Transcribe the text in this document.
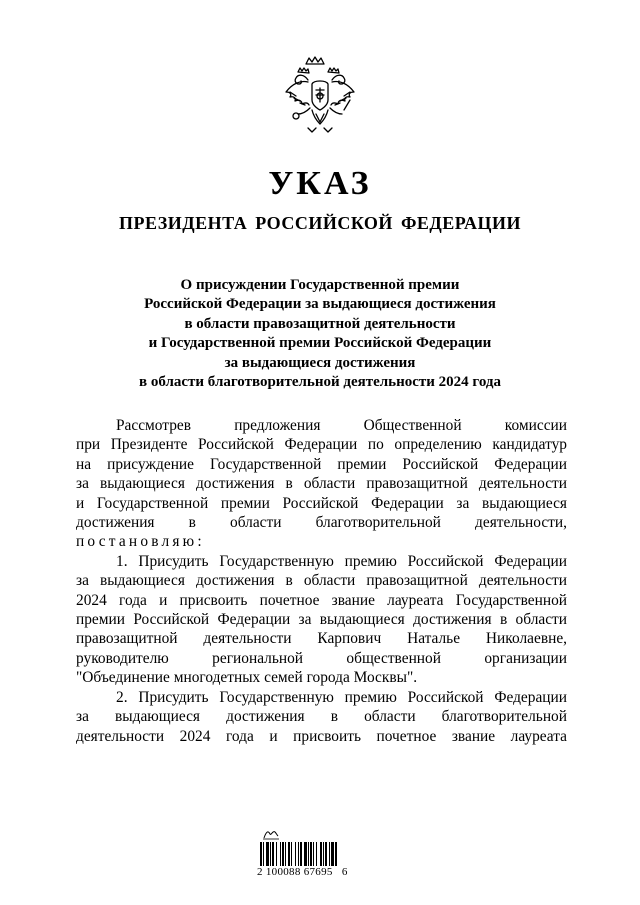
УКАЗ
ПРЕЗИДЕНТА РОССИЙСКОЙ ФЕДЕРАЦИИ
О присуждении Государственной премии
Российской Федерации за выдающиеся достижения
в области правозащитной деятельности
и Государственной премии Российской Федерации
за выдающиеся достижения
в области благотворительной деятельности 2024 года
Рассмотрев предложения Общественной комиссии
при Президенте Российской Федерации по определению кандидатур
на присуждение Государственной премии Российской Федерации
за выдающиеся достижения в области правозащитной деятельности
и Государственной премии Российской Федерации за выдающиеся
достижения в области благотворительной деятельности,
постановляю:
1. Присудить Государственную премию Российской Федерации
за выдающиеся достижения в области правозащитной деятельности
2024 года и присвоить почетное звание лауреата Государственной
премии Российской Федерации за выдающиеся достижения в области
правозащитной деятельности Карпович Наталье Николаевне,
руководителю региональной общественной организации
"Объединение многодетных семей города Москвы".
2. Присудить Государственную премию Российской Федерации
за выдающиеся достижения в области благотворительной
деятельности 2024 года и присвоить почетное звание лауреата
2 100088 67695   6
